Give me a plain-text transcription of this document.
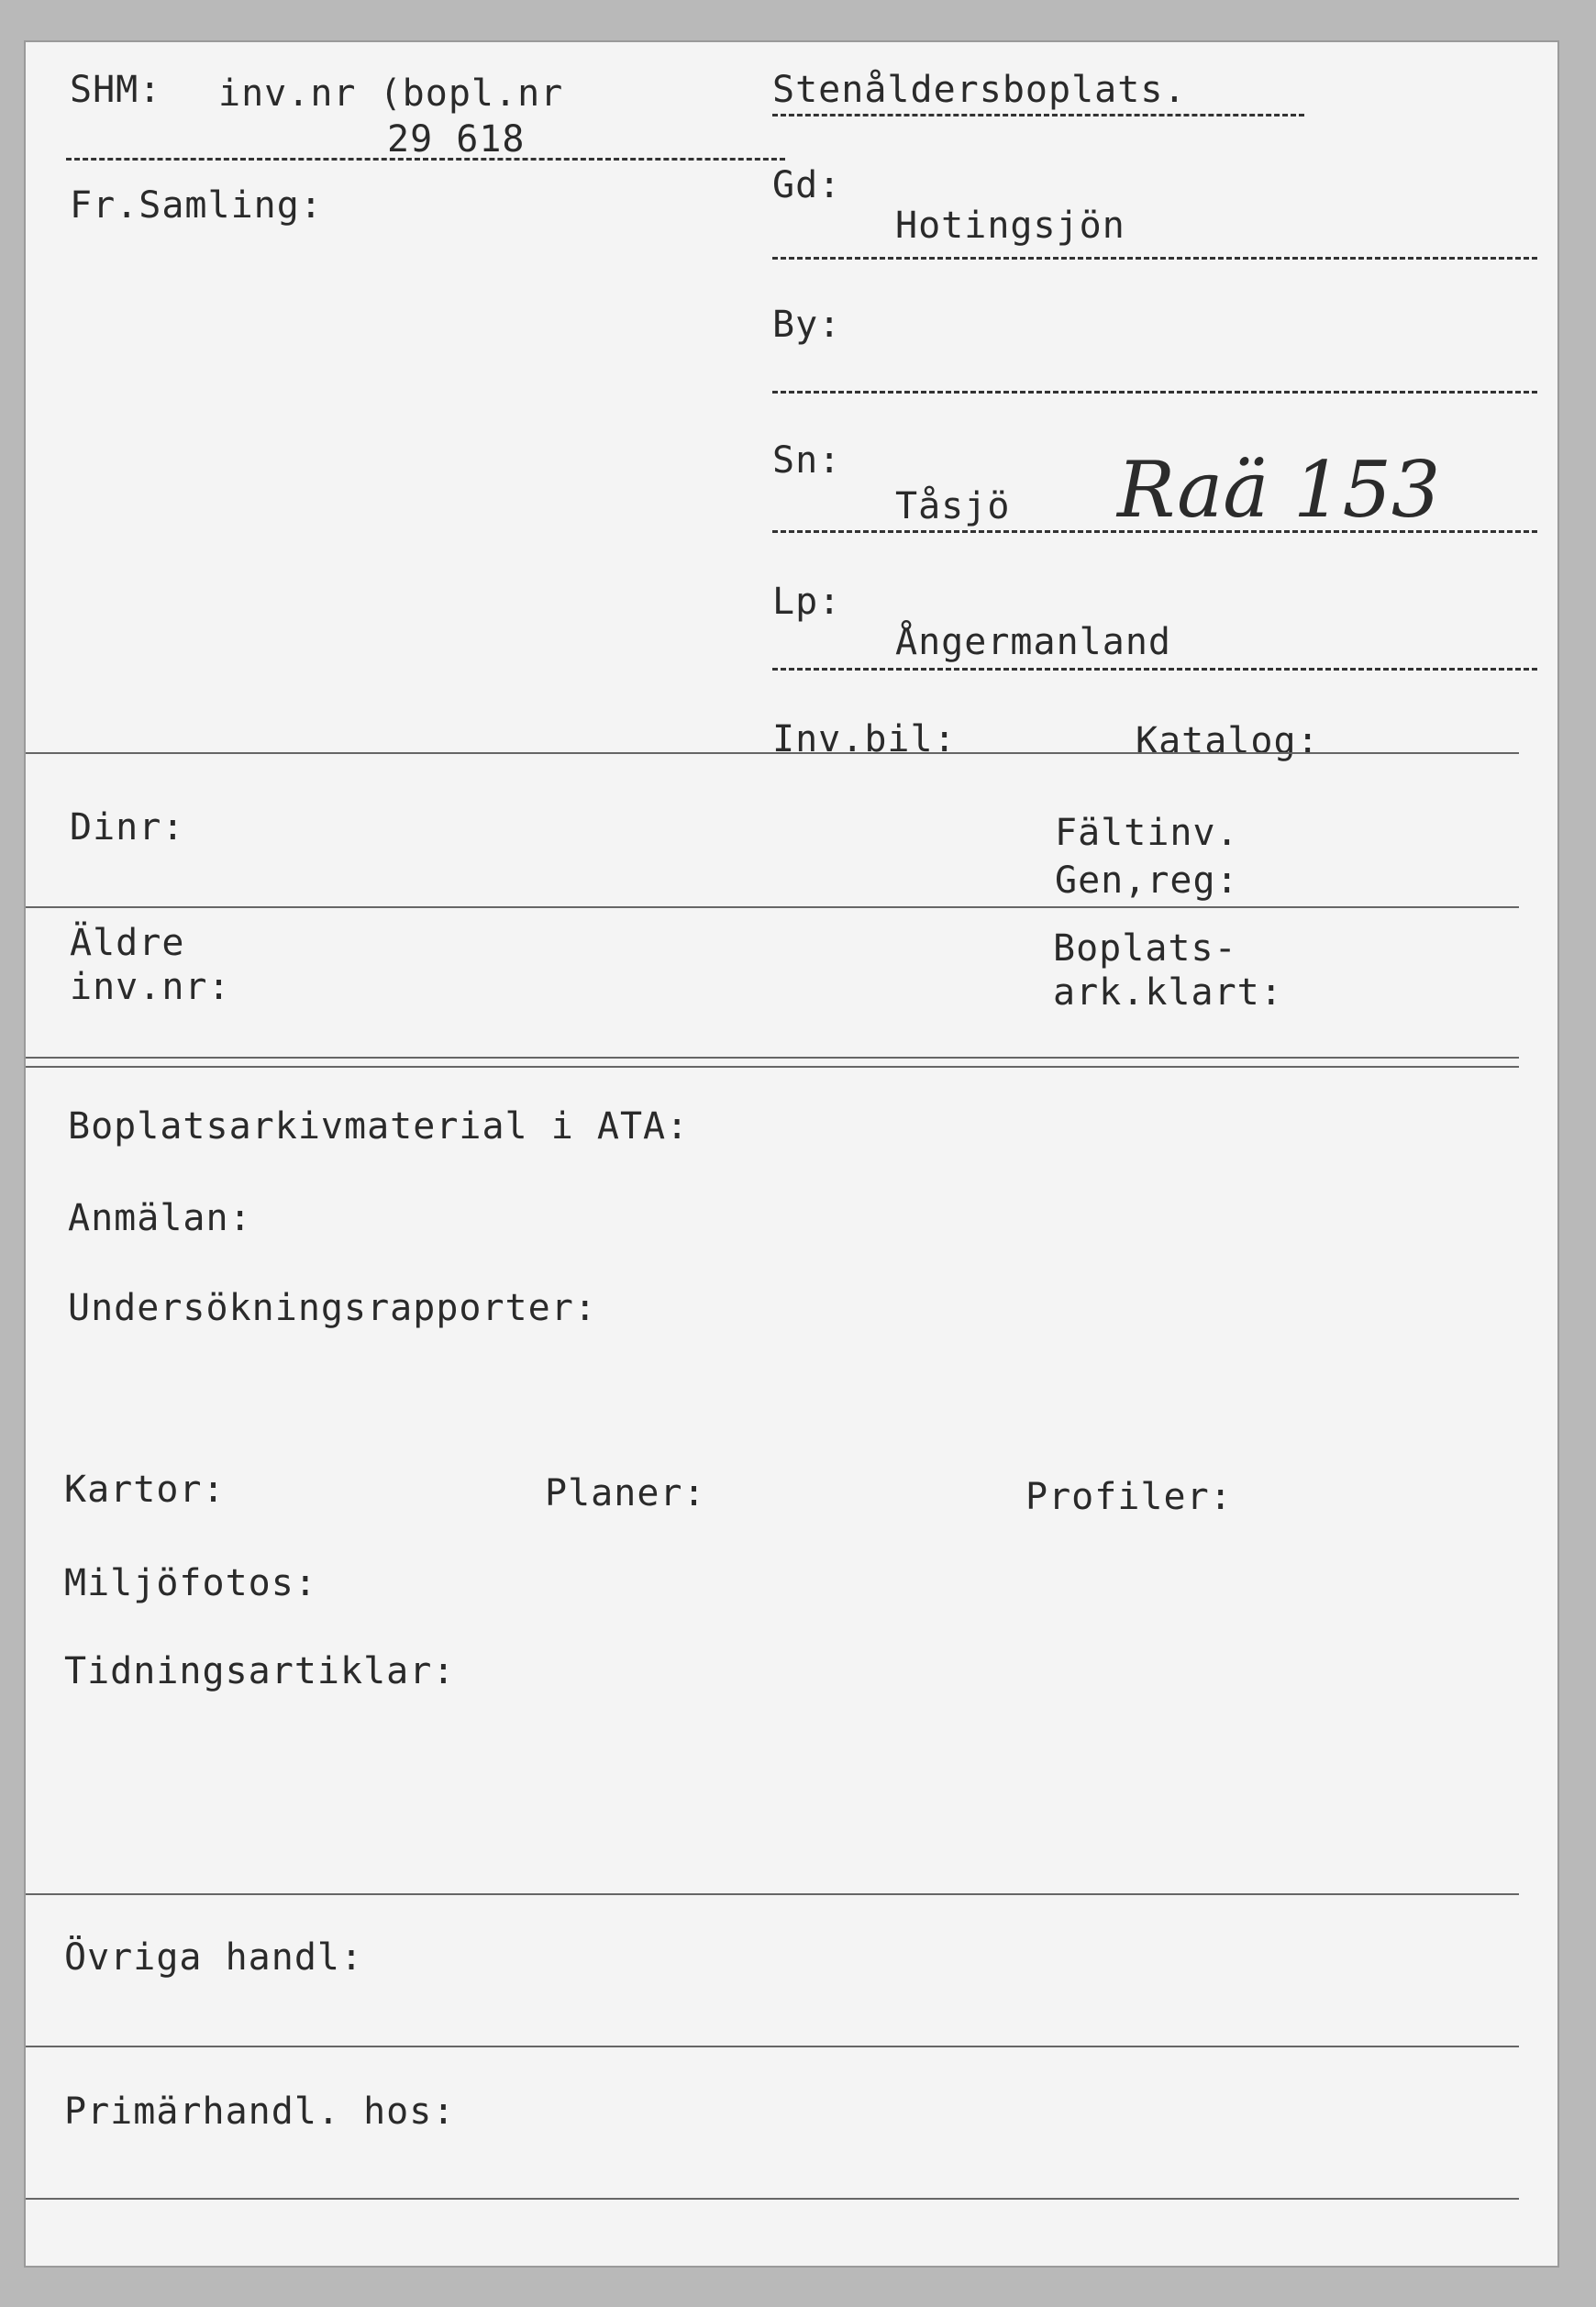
SHM: inv.nr (bopl.nr
29 618
Fr.Samling:
Stenåldersboplats.
Gd:
Hotingsjön
By:
Sn:
Tåsjö Raä 153
Lp:
Ångermanland
Inv.bil:	Katalog:
Dinr:	Fältinv.
Gen,reg:
Äldre
inv.nr:
Boplats-
ark.klart:
Boplatsarkivmaterial i ATA:
Anmälan:
Undersökningsrapporter:
Kartor:	Planer:	Profiler:
Miljöfotos:
Tidningsartiklar:
Övriga handl:
Primärhandl. hos:
